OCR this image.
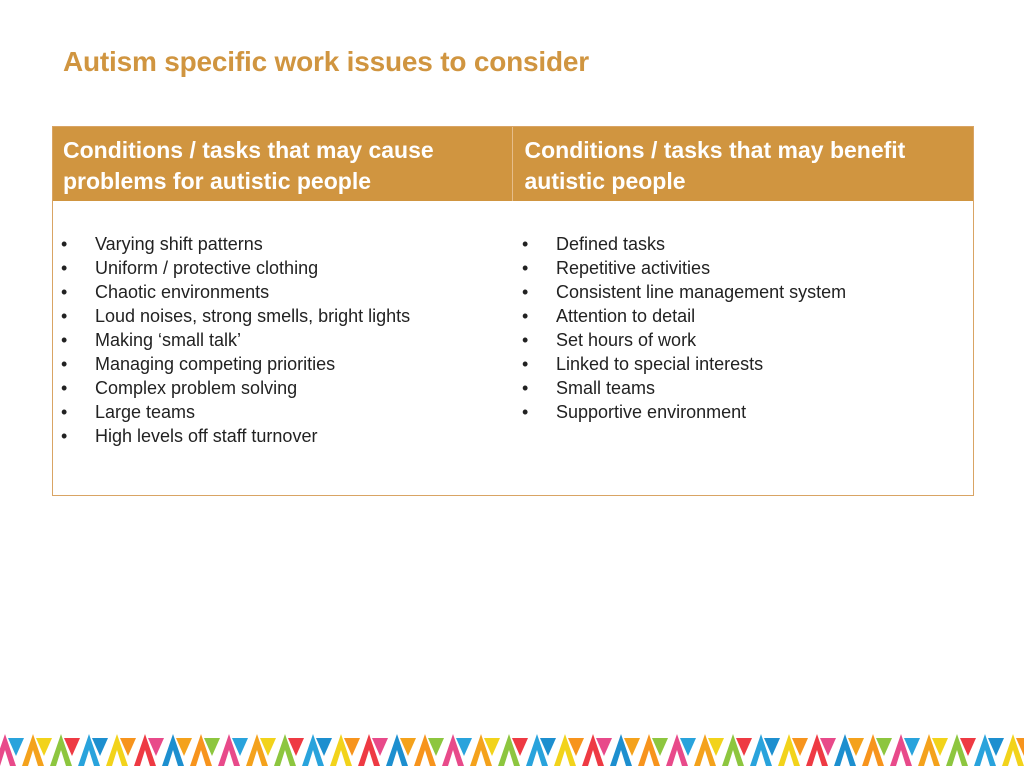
Autism specific work issues to consider
Conditions / tasks that may cause problems for autistic people
Conditions / tasks that may benefit autistic people
• Varying shift patterns
• Uniform / protective clothing
• Chaotic environments
• Loud noises, strong smells, bright lights
• Making ‘small talk’
• Managing competing priorities
• Complex problem solving
• Large teams
• High levels off staff turnover
• Defined tasks
• Repetitive activities
• Consistent line management system
• Attention to detail
• Set hours of work
• Linked to special interests
• Small teams
• Supportive environment
